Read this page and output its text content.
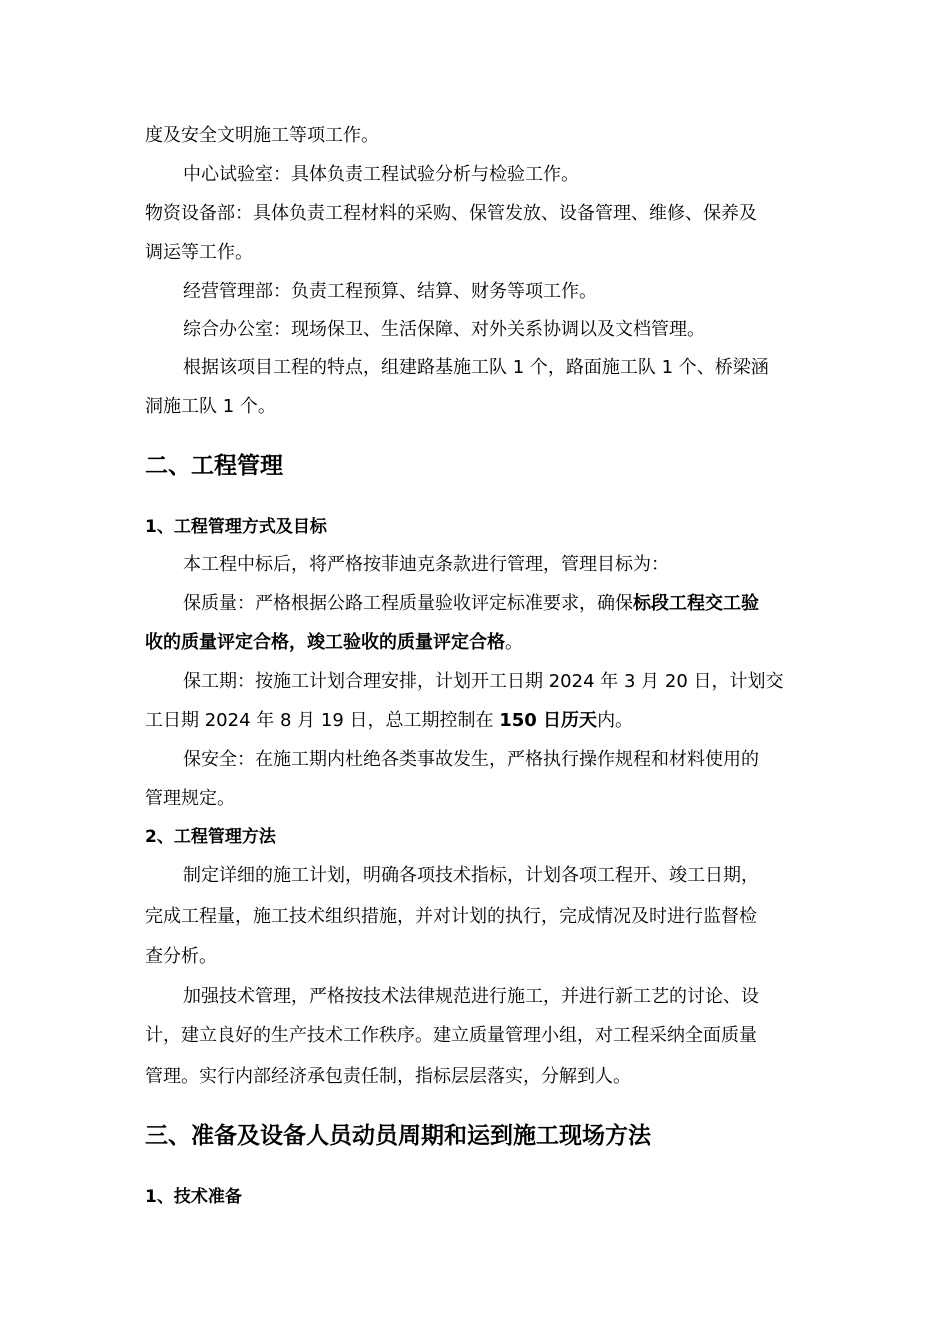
度及安全文明施工等项工作。

中心试验室：具体负责工程试验分析与检验工作。

物资设备部：具体负责工程材料的采购、保管发放、设备管理、维修、保养及

调运等工作。

经营管理部：负责工程预算、结算、财务等项工作。

综合办公室：现场保卫、生活保障、对外关系协调以及文档管理。

根据该项目工程的特点，组建路基施工队 1 个，路面施工队 1 个、桥梁涵

洞施工队 1 个。

二、工程管理
1、工程管理方式及目标

本工程中标后，将严格按菲迪克条款进行管理，管理目标为：

保质量：严格根据公路工程质量验收评定标准要求，确保标段工程交工验

收的质量评定合格，竣工验收的质量评定合格。

保工期：按施工计划合理安排，计划开工日期 2024 年 3 月 20 日，计划交

工日期 2024 年 8 月 19 日，总工期控制在 150 日历天内。

保安全：在施工期内杜绝各类事故发生，严格执行操作规程和材料使用的

管理规定。

2、工程管理方法

制定详细的施工计划，明确各项技术指标，计划各项工程开、竣工日期，

完成工程量，施工技术组织措施，并对计划的执行，完成情况及时进行监督检

查分析。

加强技术管理，严格按技术法律规范进行施工，并进行新工艺的讨论、设

计，建立良好的生产技术工作秩序。建立质量管理小组，对工程采纳全面质量

管理。实行内部经济承包责任制，指标层层落实，分解到人。

三、准备及设备人员动员周期和运到施工现场方法
1、技术准备
